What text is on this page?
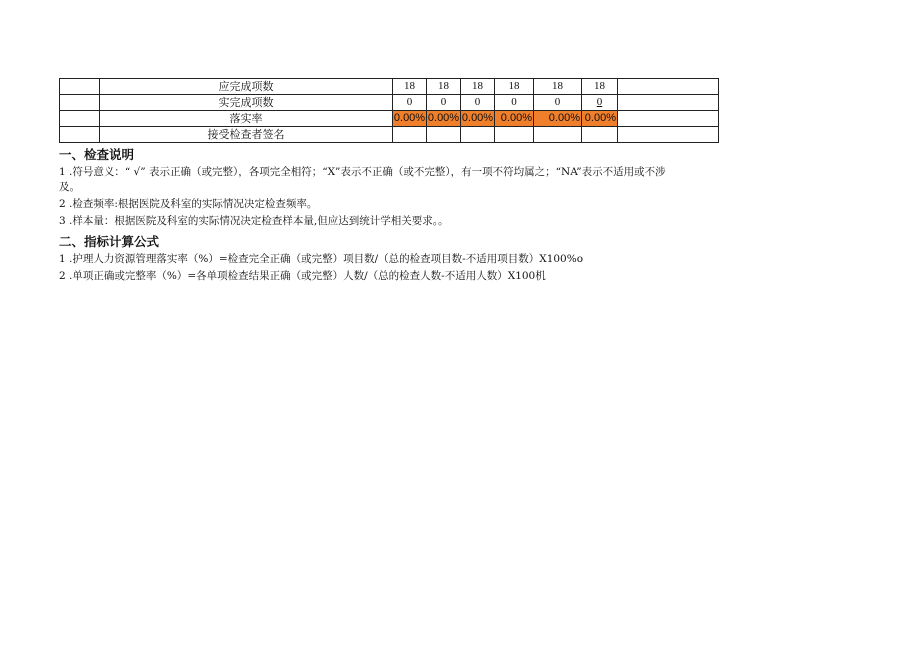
	应完成项数	18	18	18	18	18	18	
	实完成项数	0	0	0	0	0	0	
	落实率	0.00%	0.00%	0.00%	0.00%	0.00%	0.00%	
	接受检查者签名							
一、检查说明
1 .符号意义：“ √” 表示正确（或完整），各项完全相符；“X”表示不正确（或不完整），有一项不符均属之；“NA”表示不适用或不涉及。
2 .检查频率:根据医院及科室的实际情况决定检查频率。
3 .样本量：根据医院及科室的实际情况决定检查样本量,但应达到统计学相关要求。。
二、指标计算公式
1 .护理人力资源管理落实率（%）=检查完全正确（或完整）项目数/（总的检查项目数-不适用项目数）X100%o
2 .单项正确或完整率（%）=各单项检查结果正确（或完整）人数/（总的检查人数-不适用人数）X100机
